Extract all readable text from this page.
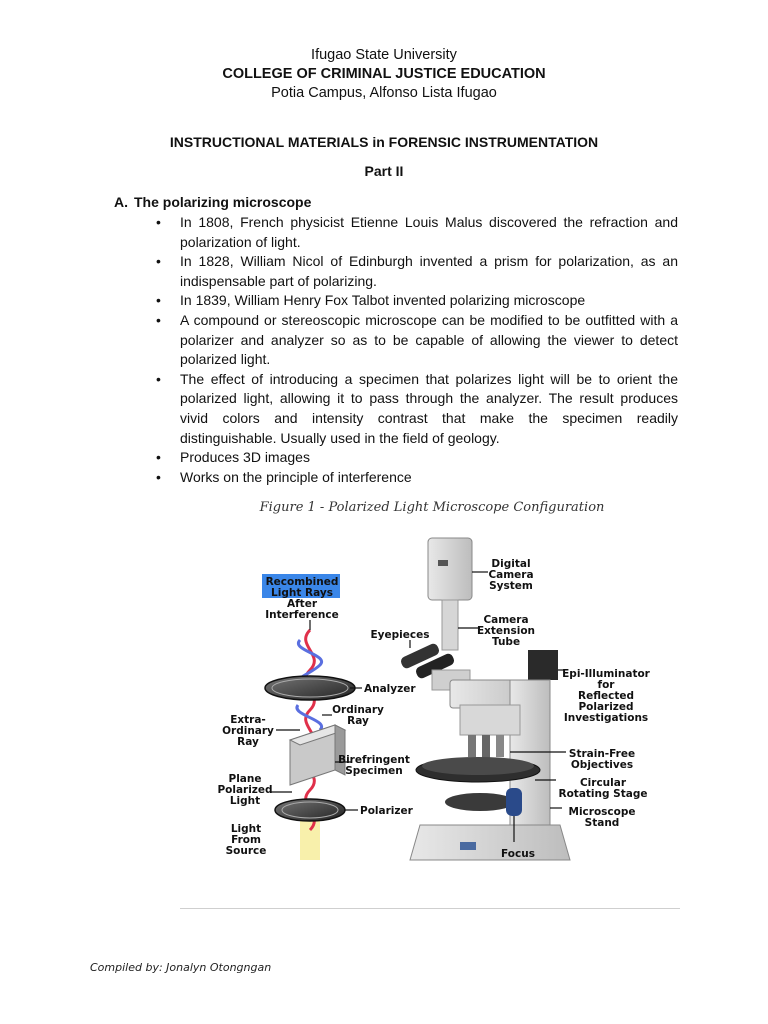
Ifugao State University
COLLEGE OF CRIMINAL JUSTICE EDUCATION
Potia Campus, Alfonso Lista Ifugao
INSTRUCTIONAL MATERIALS in FORENSIC INSTRUMENTATION
Part II
A. The polarizing microscope
• In 1808, French physicist Etienne Louis Malus discovered the refraction and polarization of light.
• In 1828, William Nicol of Edinburgh invented a prism for polarization, as an indispensable part of polarizing.
• In 1839, William Henry Fox Talbot invented polarizing microscope
• A compound or stereoscopic microscope can be modified to be outfitted with a polarizer and analyzer so as to be capable of allowing the viewer to detect polarized light.
• The effect of introducing a specimen that polarizes light will be to orient the polarized light, allowing it to pass through the analyzer. The result produces vivid colors and intensity contrast that make the specimen readily distinguishable. Usually used in the field of geology.
• Produces 3D images
• Works on the principle of interference
Figure 1 - Polarized Light Microscope Configuration
Recombined
Light Rays
After
Interference
Extra-
Ordinary
Ray
Plane
Polarized
Light
Light
From
Source
Analyzer
Ordinary
Ray
Birefringent
Specimen
Polarizer
Eyepieces
Digital
Camera
System
Camera
Extension
Tube
Epi-Illuminator
for
Reflected
Polarized
Investigations
Strain-Free
Objectives
Circular
Rotating Stage
Microscope
Stand
Focus
Compiled by: Jonalyn Otongngan
